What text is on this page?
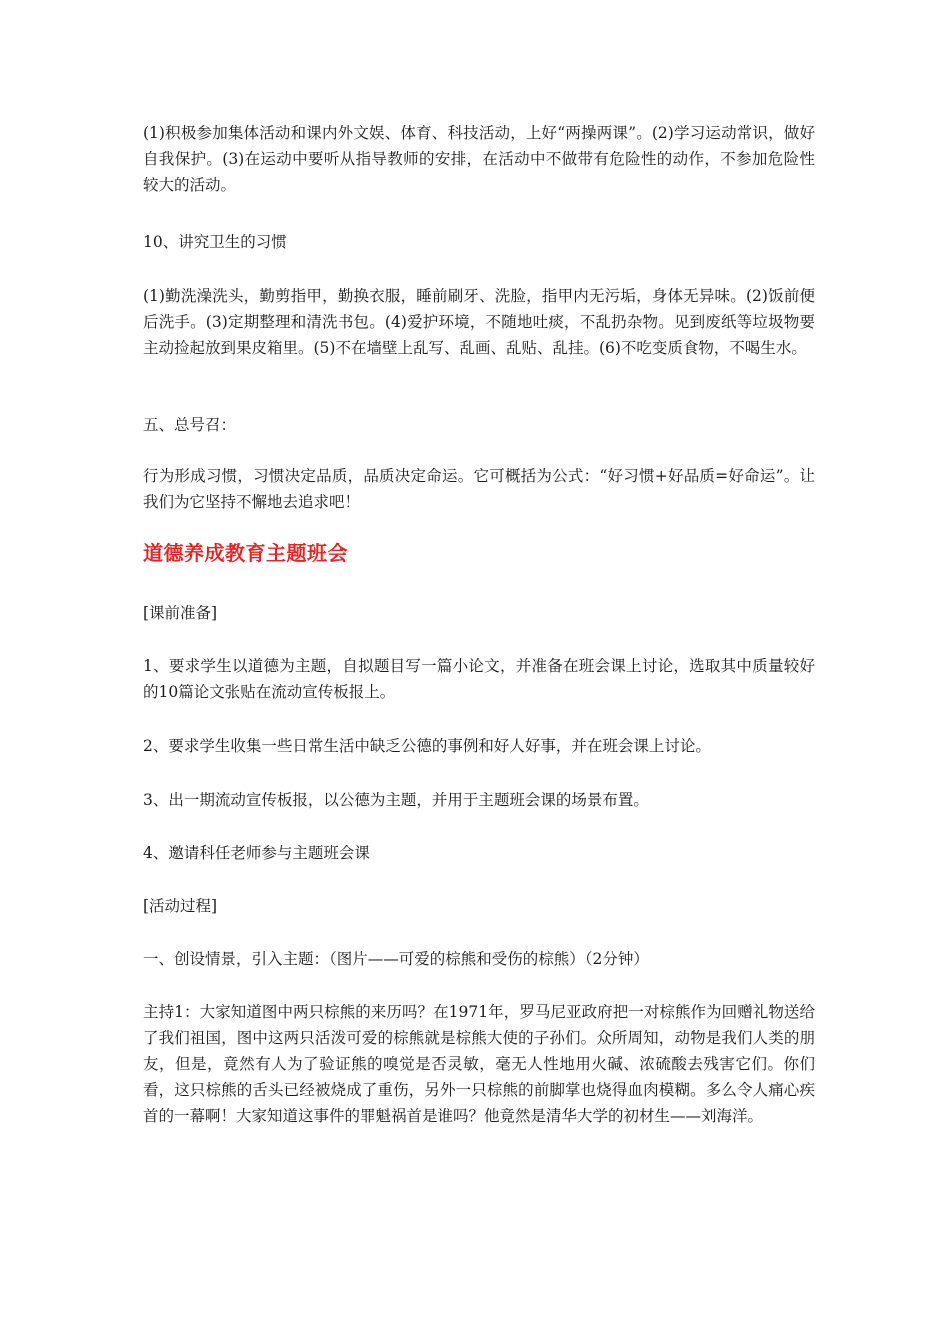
(1)积极参加集体活动和课内外文娱、体育、科技活动，上好“两操两课”。(2)学习运动常识，做好自我保护。(3)在运动中要听从指导教师的安排，在活动中不做带有危险性的动作，不参加危险性较大的活动。

10、讲究卫生的习惯

(1)勤洗澡洗头，勤剪指甲，勤换衣服，睡前刷牙、洗脸，指甲内无污垢，身体无异味。(2)饭前便后洗手。(3)定期整理和清洗书包。(4)爱护环境，不随地吐痰，不乱扔杂物。见到废纸等垃圾物要主动捡起放到果皮箱里。(5)不在墙壁上乱写、乱画、乱贴、乱挂。(6)不吃变质食物，不喝生水。

五、总号召：

行为形成习惯，习惯决定品质，品质决定命运。它可概括为公式：“好习惯+好品质=好命运”。让我们为它坚持不懈地去追求吧！

道德养成教育主题班会

[课前准备]

1、要求学生以道德为主题，自拟题目写一篇小论文，并准备在班会课上讨论，选取其中质量较好的10篇论文张贴在流动宣传板报上。

2、要求学生收集一些日常生活中缺乏公德的事例和好人好事，并在班会课上讨论。

3、出一期流动宣传板报，以公德为主题，并用于主题班会课的场景布置。

4、邀请科任老师参与主题班会课

[活动过程]

一、创设情景，引入主题：（图片——可爱的棕熊和受伤的棕熊）（2分钟）

主持1：大家知道图中两只棕熊的来历吗？在1971年，罗马尼亚政府把一对棕熊作为回赠礼物送给了我们祖国，图中这两只活泼可爱的棕熊就是棕熊大使的子孙们。众所周知，动物是我们人类的朋友，但是，竟然有人为了验证熊的嗅觉是否灵敏，毫无人性地用火碱、浓硫酸去残害它们。你们看，这只棕熊的舌头已经被烧成了重伤，另外一只棕熊的前脚掌也烧得血肉模糊。多么令人痛心疾首的一幕啊！大家知道这事件的罪魁祸首是谁吗？他竟然是清华大学的初材生——刘海洋。
